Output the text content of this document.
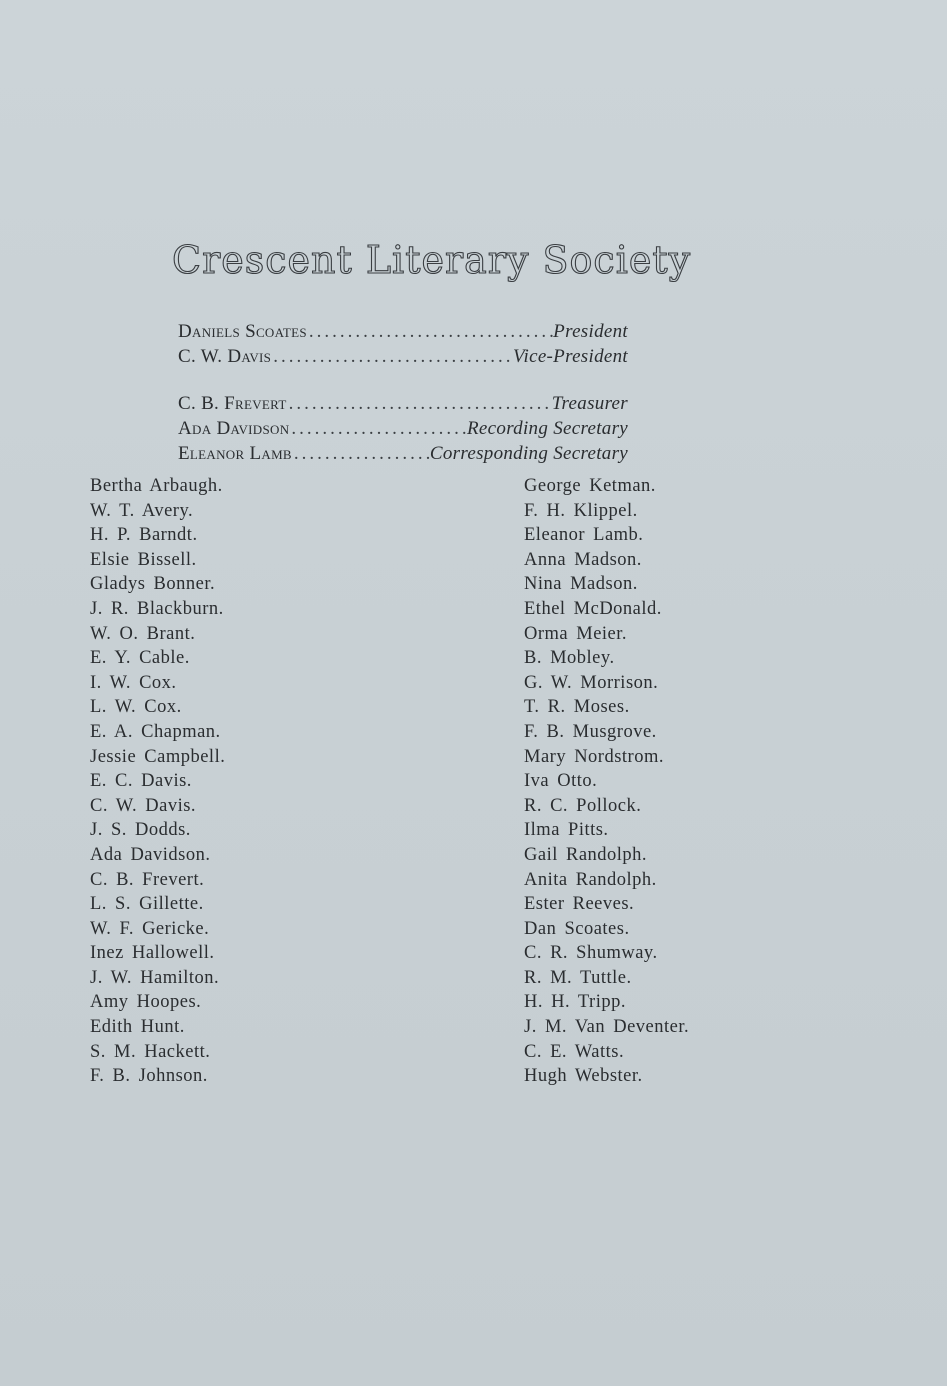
Crescent Literary Society
Daniels Scoates .....	President
C. W. Davis .....	Vice-President
C. B. Frevert .....	Treasurer
Ada Davidson .....	Recording Secretary
Eleanor Lamb .....	Corresponding Secretary
Bertha Arbaugh.
W. T. Avery.
H. P. Barndt.
Elsie Bissell.
Gladys Bonner.
J. R. Blackburn.
W. O. Brant.
E. Y. Cable.
I. W. Cox.
L. W. Cox.
E. A. Chapman.
Jessie Campbell.
E. C. Davis.
C. W. Davis.
J. S. Dodds.
Ada Davidson.
C. B. Frevert.
L. S. Gillette.
W. F. Gericke.
Inez Hallowell.
J. W. Hamilton.
Amy Hoopes.
Edith Hunt.
S. M. Hackett.
F. B. Johnson.
George Ketman.
F. H. Klippel.
Eleanor Lamb.
Anna Madson.
Nina Madson.
Ethel McDonald.
Orma Meier.
B. Mobley.
G. W. Morrison.
T. R. Moses.
F. B. Musgrove.
Mary Nordstrom.
Iva Otto.
R. C. Pollock.
Ilma Pitts.
Gail Randolph.
Anita Randolph.
Ester Reeves.
Dan Scoates.
C. R. Shumway.
R. M. Tuttle.
H. H. Tripp.
J. M. Van Deventer.
C. E. Watts.
Hugh Webster.
